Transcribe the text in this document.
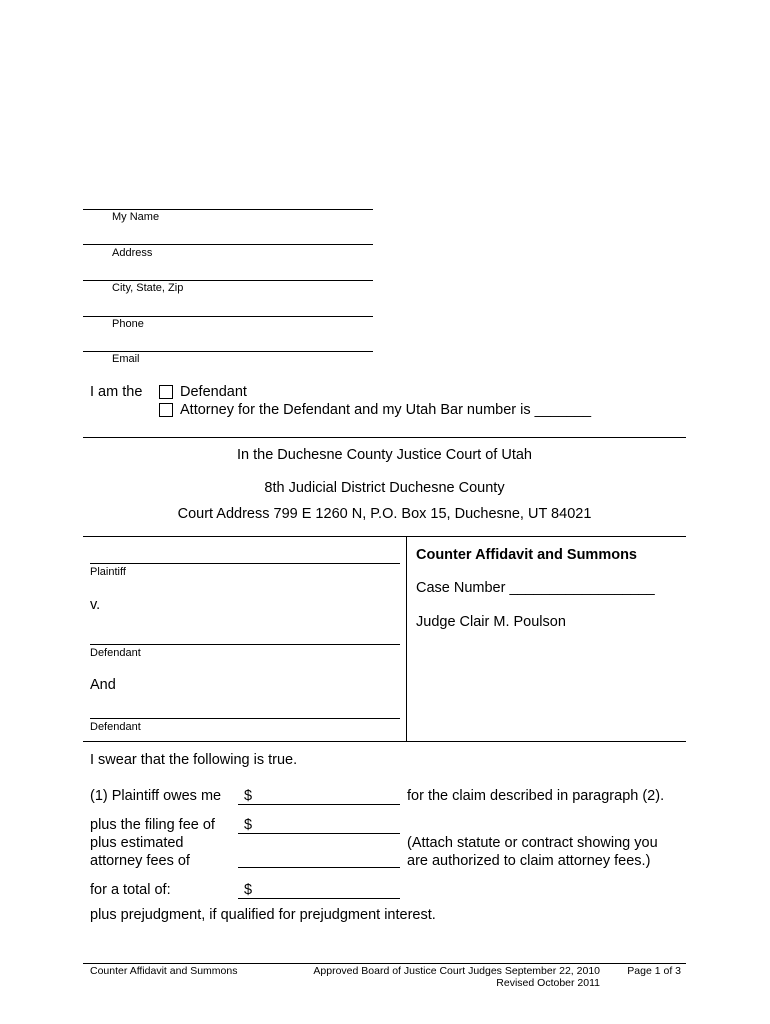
My Name
Address
City, State, Zip
Phone
Email
I am the	Defendant
Attorney for the Defendant and my Utah Bar number is _______
In the Duchesne County Justice Court of Utah
8th Judicial District Duchesne County
Court Address 799 E 1260 N, P.O. Box 15, Duchesne, UT 84021
Plaintiff
v.
Defendant
And
Defendant
Counter Affidavit and Summons
Case Number __________________
Judge Clair M. Poulson
I swear that the following is true.
(1) Plaintiff owes me $	for the claim described in paragraph (2).
plus the filing fee of $
plus estimated
attorney fees of
(Attach statute or contract showing you
are authorized to claim attorney fees.)
for a total of:	$
plus prejudgment, if qualified for prejudgment interest.
Counter Affidavit and Summons	Approved Board of Justice Court Judges September 22, 2010
Revised October 2011
Page 1 of 3
